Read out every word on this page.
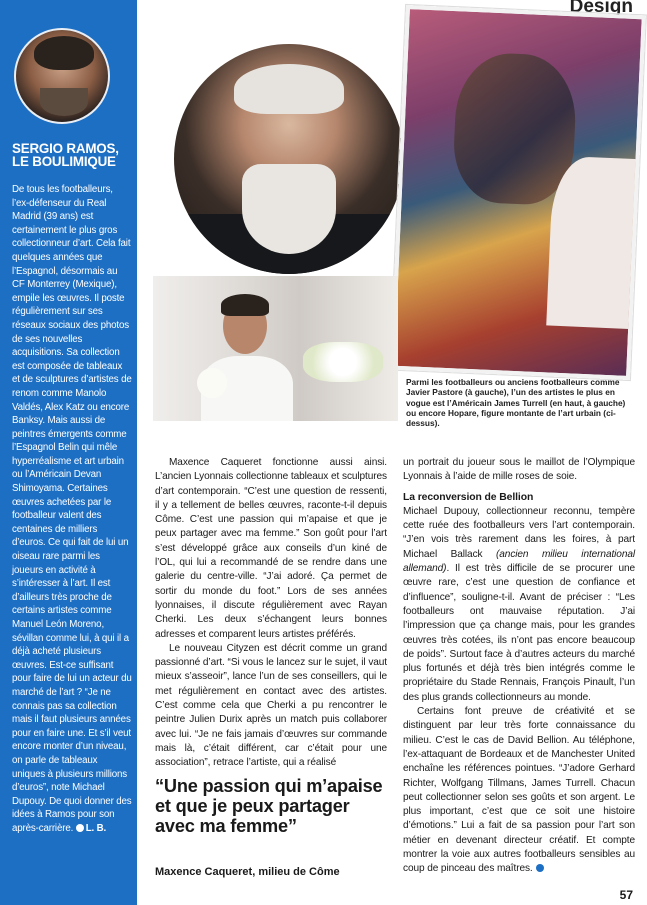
SERGIO RAMOS, LE BOULIMIQUE
De tous les footballeurs, l’ex-défenseur du Real Madrid (39 ans) est certainement le plus gros collectionneur d’art. Cela fait quelques années que l’Espagnol, désormais au CF Monterrey (Mexique), empile les œuvres. Il poste régulièrement sur ses réseaux sociaux des photos de ses nouvelles acquisitions. Sa collection est composée de tableaux et de sculptures d’artistes de renom comme Manolo Valdés, Alex Katz ou encore Banksy. Mais aussi de peintres émergents comme l’Espagnol Belin qui mêle hyperréalisme et art urbain ou l’Américain Devan Shimoyama. Certaines œuvres achetées par le footballeur valent des centaines de milliers d’euros. Ce qui fait de lui un oiseau rare parmi les joueurs en activité à s’intéresser à l’art. Il est d’ailleurs très proche de certains artistes comme Manuel León Moreno, sévillan comme lui, à qui il a déjà acheté plusieurs œuvres. Est-ce suffisant pour faire de lui un acteur du marché de l’art ? “Je ne connais pas sa collection mais il faut plusieurs années pour en faire une. Et s’il veut encore monter d’un niveau, on parle de tableaux uniques à plusieurs millions d’euros”, note Michael Dupouy. De quoi donner des idées à Ramos pour son après-carrière. L. B.
Design
Parmi les footballeurs ou anciens footballeurs comme Javier Pastore (à gauche), l’un des artistes le plus en vogue est l’Américain James Turrell (en haut, à gauche) ou encore Hopare, figure montante de l’art urbain (ci-dessus).

Maxence Caqueret fonctionne aussi ainsi. L’ancien Lyonnais collectionne tableaux et sculptures d’art contemporain. “C’est une question de ressenti, il y a tellement de belles œuvres, raconte-t-il depuis Côme. C’est une passion qui m’apaise et que je peux partager avec ma femme.” Son goût pour l’art s’est développé grâce aux conseils d’un kiné de l’OL, qui lui a recommandé de se rendre dans une galerie du centre-ville. “J’ai adoré. Ça permet de sortir du monde du foot.” Lors de ses années lyonnaises, il discute régulièrement avec Rayan Cherki. Les deux s’échangent leurs bonnes adresses et comparent leurs artistes préférés.

Le nouveau Cityzen est décrit comme un grand passionné d’art. “Si vous le lancez sur le sujet, il vaut mieux s’asseoir”, lance l’un de ses conseillers, qui le met régulièrement en contact avec des artistes. C’est comme cela que Cherki a pu rencontrer le peintre Julien Durix après un match puis collaborer avec lui. “Je ne fais jamais d’œuvres sur commande mais là, c’était différent, car c’était pour une association”, retrace l’artiste, qui a réalisé

“Une passion qui m’apaise et que je peux partager avec ma femme”
Maxence Caqueret, milieu de Côme

un portrait du joueur sous le maillot de l’Olympique Lyonnais à l’aide de mille roses de soie.

La reconversion de Bellion

Michael Dupouy, collectionneur reconnu, tempère cette ruée des footballeurs vers l’art contemporain. “J’en vois très rarement dans les foires, à part Michael Ballack (ancien milieu international allemand). Il est très difficile de se procurer une œuvre rare, c’est une question de confiance et d’influence”, souligne-t-il. Avant de préciser : “Les footballeurs ont mauvaise réputation. J’ai l’impression que ça change mais, pour les grandes œuvres très cotées, ils n’ont pas encore beaucoup de poids”. Surtout face à d’autres acteurs du marché plus fortunés et déjà très bien intégrés comme le propriétaire du Stade Rennais, François Pinault, l’un des plus grands collectionneurs au monde.

Certains font preuve de créativité et se distinguent par leur très forte connaissance du milieu. C’est le cas de David Bellion. Au téléphone, l’ex-attaquant de Bordeaux et de Manchester United enchaîne les références pointues. “J’adore Gerhard Richter, Wolfgang Tillmans, James Turrell. Chacun peut collectionner selon ses goûts et son argent. Le plus important, c’est que ce soit une histoire d’émotions.” Lui a fait de sa passion pour l’art son métier en devenant directeur créatif. Et compte montrer la voie aux autres footballeurs sensibles au coup de pinceau des maîtres.

57
